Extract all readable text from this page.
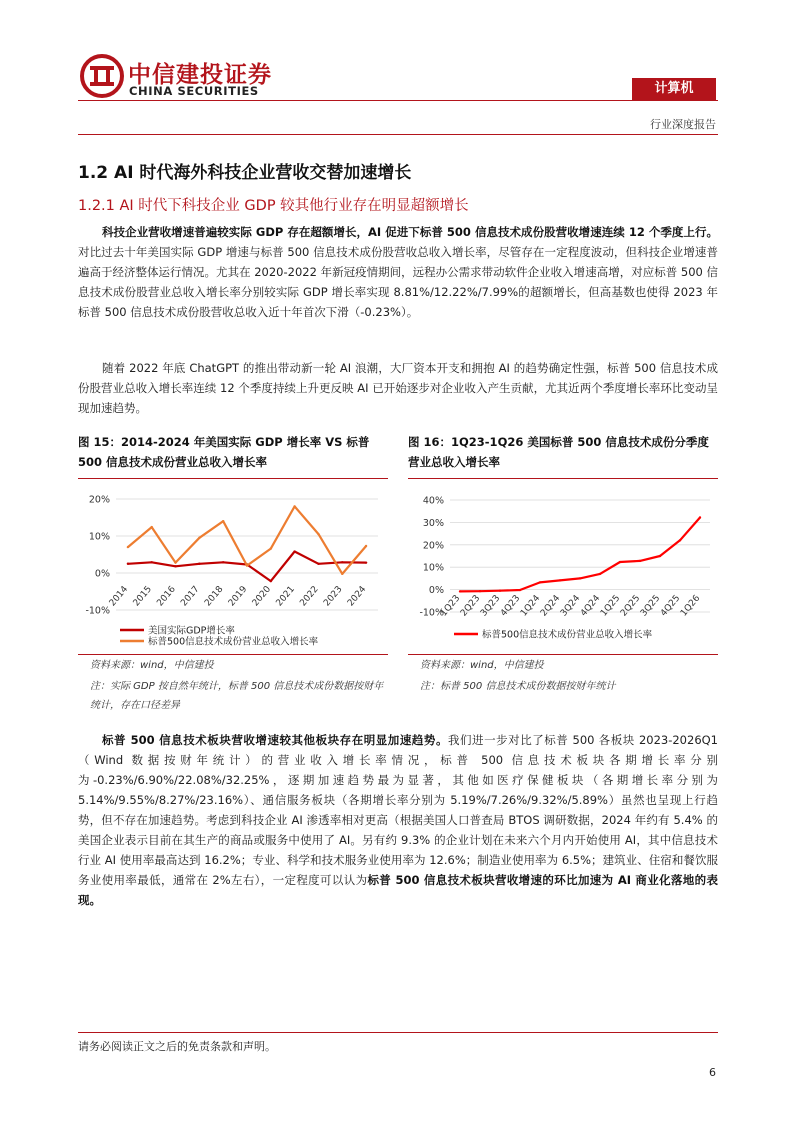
中信建投证券
CHINA SECURITIES	计算机
行业深度报告
1.2 AI 时代海外科技企业营收交替加速增长
1.2.1 AI 时代下科技企业 GDP 较其他行业存在明显超额增长
科技企业营收增速普遍较实际 GDP 存在超额增长，AI 促进下标普 500 信息技术成份股营收增速连续 12 个季度上行。对比过去十年美国实际 GDP 增速与标普 500 信息技术成份股营收总收入增长率，尽管存在一定程度波动，但科技企业增速普遍高于经济整体运行情况。尤其在 2020-2022 年新冠疫情期间，远程办公需求带动软件企业收入增速高增，对应标普 500 信息技术成份股营业总收入增长率分别较实际 GDP 增长率实现 8.81%/12.22%/7.99%的超额增长，但高基数也使得 2023 年标普 500 信息技术成份股营收总收入近十年首次下滑（-0.23%）。
随着 2022 年底 ChatGPT 的推出带动新一轮 AI 浪潮，大厂资本开支和拥抱 AI 的趋势确定性强，标普 500 信息技术成份股营业总收入增长率连续 12 个季度持续上升更反映 AI 已开始逐步对企业收入产生贡献，尤其近两个季度增长率环比变动呈现加速趋势。
图 15：2014-2024 年美国实际 GDP 增长率 VS 标普 500 信息技术成份营业总收入增长率
20%
10%
0%
-10%
2014 2015 2016 2017 2018 2019 2020 2021 2022 2023 2024
美国实际GDP增长率
标普500信息技术成份营业总收入增长率
资料来源：wind，中信建投
注：实际 GDP 按自然年统计，标普 500 信息技术成份数据按财年统计，存在口径差异
图 16：1Q23-1Q26 美国标普 500 信息技术成份分季度营业总收入增长率
40%
30%
20%
10%
0%
-10%
1Q23
2Q23
3Q23
4Q23
1Q24
2Q24
3Q24
4Q24
1Q25
2Q25
3Q25
4Q25
1Q26
标普500信息技术成份营业总收入增长率
资料来源：wind，中信建投
注：标普 500 信息技术成份数据按财年统计
标普 500 信息技术板块营收增速较其他板块存在明显加速趋势。我们进一步对比了标普 500 各板块 2023-2026Q1（Wind 数据按财年统计）的营业收入增长率情况，标普 500 信息技术板块各期增长率分别为-0.23%/6.90%/22.08%/32.25%，逐期加速趋势最为显著，其他如医疗保健板块（各期增长率分别为 5.14%/9.55%/8.27%/23.16%）、通信服务板块（各期增长率分别为 5.19%/7.26%/9.32%/5.89%）虽然也呈现上行趋势，但不存在加速趋势。考虑到科技企业 AI 渗透率相对更高（根据美国人口普查局 BTOS 调研数据，2024 年约有 5.4% 的美国企业表示目前在其生产的商品或服务中使用了 AI。另有约 9.3% 的企业计划在未来六个月内开始使用 AI，其中信息技术行业 AI 使用率最高达到 16.2%；专业、科学和技术服务业使用率为 12.6%；制造业使用率为 6.5%；建筑业、住宿和餐饮服务业使用率最低，通常在 2%左右），一定程度可以认为标普 500 信息技术板块营收增速的环比加速为 AI 商业化落地的表现。
请务必阅读正文之后的免责条款和声明。
6
